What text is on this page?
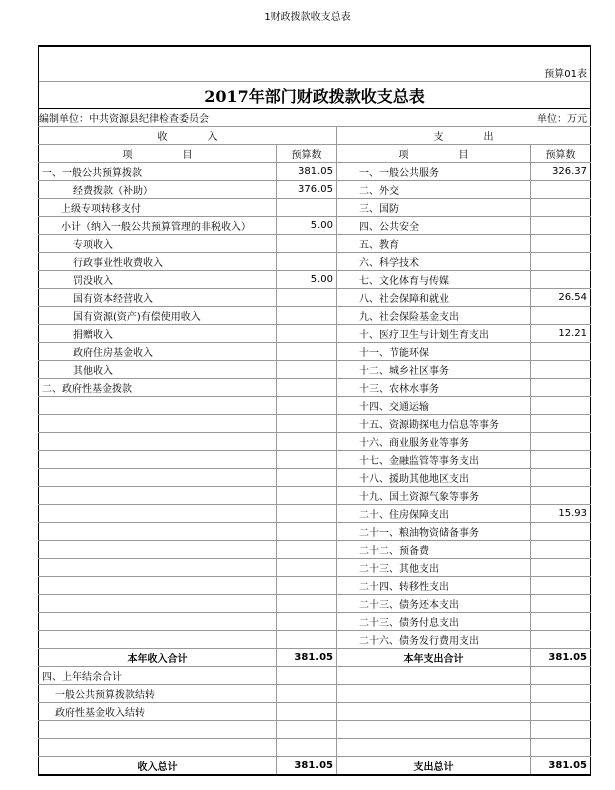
1财政拨款收支总表

			预算01表
2017年部门财政拨款收支总表			
编制单位：中共资源县纪律检查委员会			单位：万元
收　　　　入		支　　　　出	
项　　　　　目	预算数	项　　　　　目	预算数
一、一般公共预算拨款	381.05	一、一般公共服务	326.37
经费拨款（补助）	376.05	二、外交	
上级专项转移支付		三、国防	
小计（纳入一般公共预算管理的非税收入）	5.00	四、公共安全	
专项收入		五、教育	
行政事业性收费收入		六、科学技术	
罚没收入	5.00	七、文化体育与传媒	
国有资本经营收入		八、社会保障和就业	26.54
国有资源(资产)有偿使用收入		九、社会保险基金支出	
捐赠收入		十、医疗卫生与计划生育支出	12.21
政府住房基金收入		十一、节能环保	
其他收入		十二、城乡社区事务	
二、政府性基金拨款		十三、农林水事务	
		十四、交通运输	
		十五、资源勘探电力信息等事务	
		十六、商业服务业等事务	
		十七、金融监管等事务支出	
		十八、援助其他地区支出	
		十九、国土资源气象等事务	
		二十、住房保障支出	15.93
		二十一、粮油物资储备事务	
		二十二、预备费	
		二十三、其他支出	
		二十四、转移性支出	
		二十三、债务还本支出	
		二十三、债务付息支出	
		二十六、债务发行费用支出	
本年收入合计	381.05	本年支出合计	381.05
四、上年结余合计			
一般公共预算拨款结转			
政府性基金收入结转			

收入总计	381.05	支出总计	381.05
